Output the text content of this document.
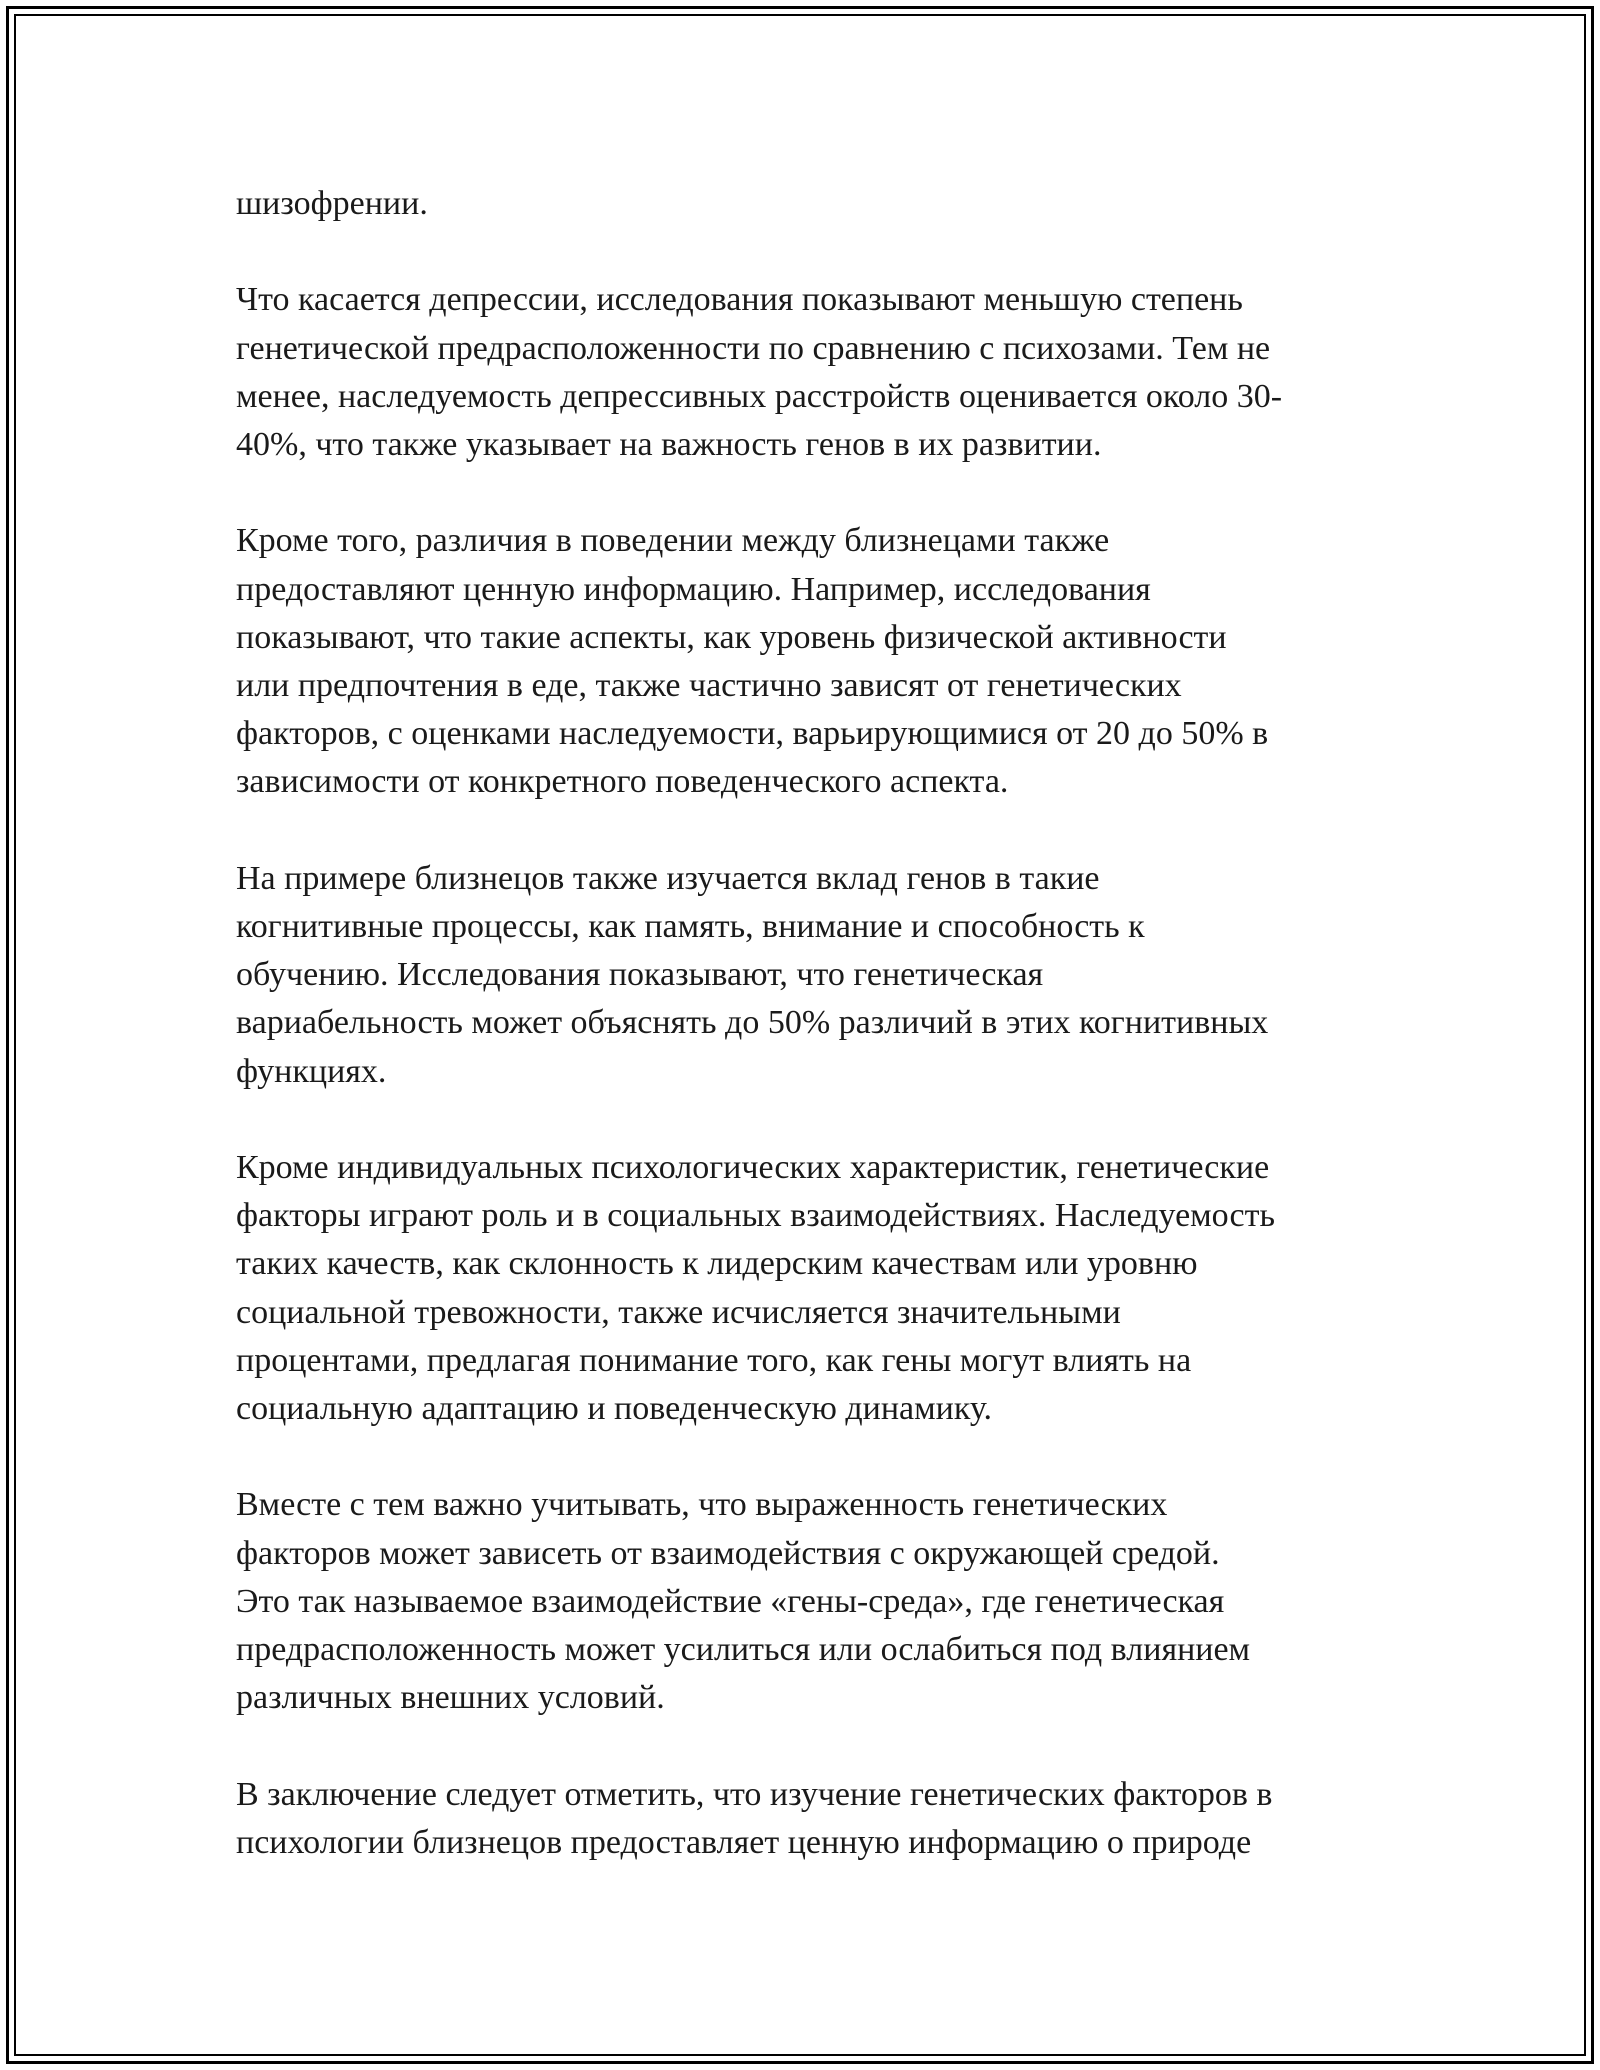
шизофрении.

Что касается депрессии, исследования показывают меньшую степень
генетической предрасположенности по сравнению с психозами. Тем не
менее, наследуемость депрессивных расстройств оценивается около 30-
40%, что также указывает на важность генов в их развитии.

Кроме того, различия в поведении между близнецами также
предоставляют ценную информацию. Например, исследования
показывают, что такие аспекты, как уровень физической активности
или предпочтения в еде, также частично зависят от генетических
факторов, с оценками наследуемости, варьирующимися от 20 до 50% в
зависимости от конкретного поведенческого аспекта.

На примере близнецов также изучается вклад генов в такие
когнитивные процессы, как память, внимание и способность к
обучению. Исследования показывают, что генетическая
вариабельность может объяснять до 50% различий в этих когнитивных
функциях.

Кроме индивидуальных психологических характеристик, генетические
факторы играют роль и в социальных взаимодействиях. Наследуемость
таких качеств, как склонность к лидерским качествам или уровню
социальной тревожности, также исчисляется значительными
процентами, предлагая понимание того, как гены могут влиять на
социальную адаптацию и поведенческую динамику.

Вместе с тем важно учитывать, что выраженность генетических
факторов может зависеть от взаимодействия с окружающей средой.
Это так называемое взаимодействие «гены-среда», где генетическая
предрасположенность может усилиться или ослабиться под влиянием
различных внешних условий.

В заключение следует отметить, что изучение генетических факторов в
психологии близнецов предоставляет ценную информацию о природе
